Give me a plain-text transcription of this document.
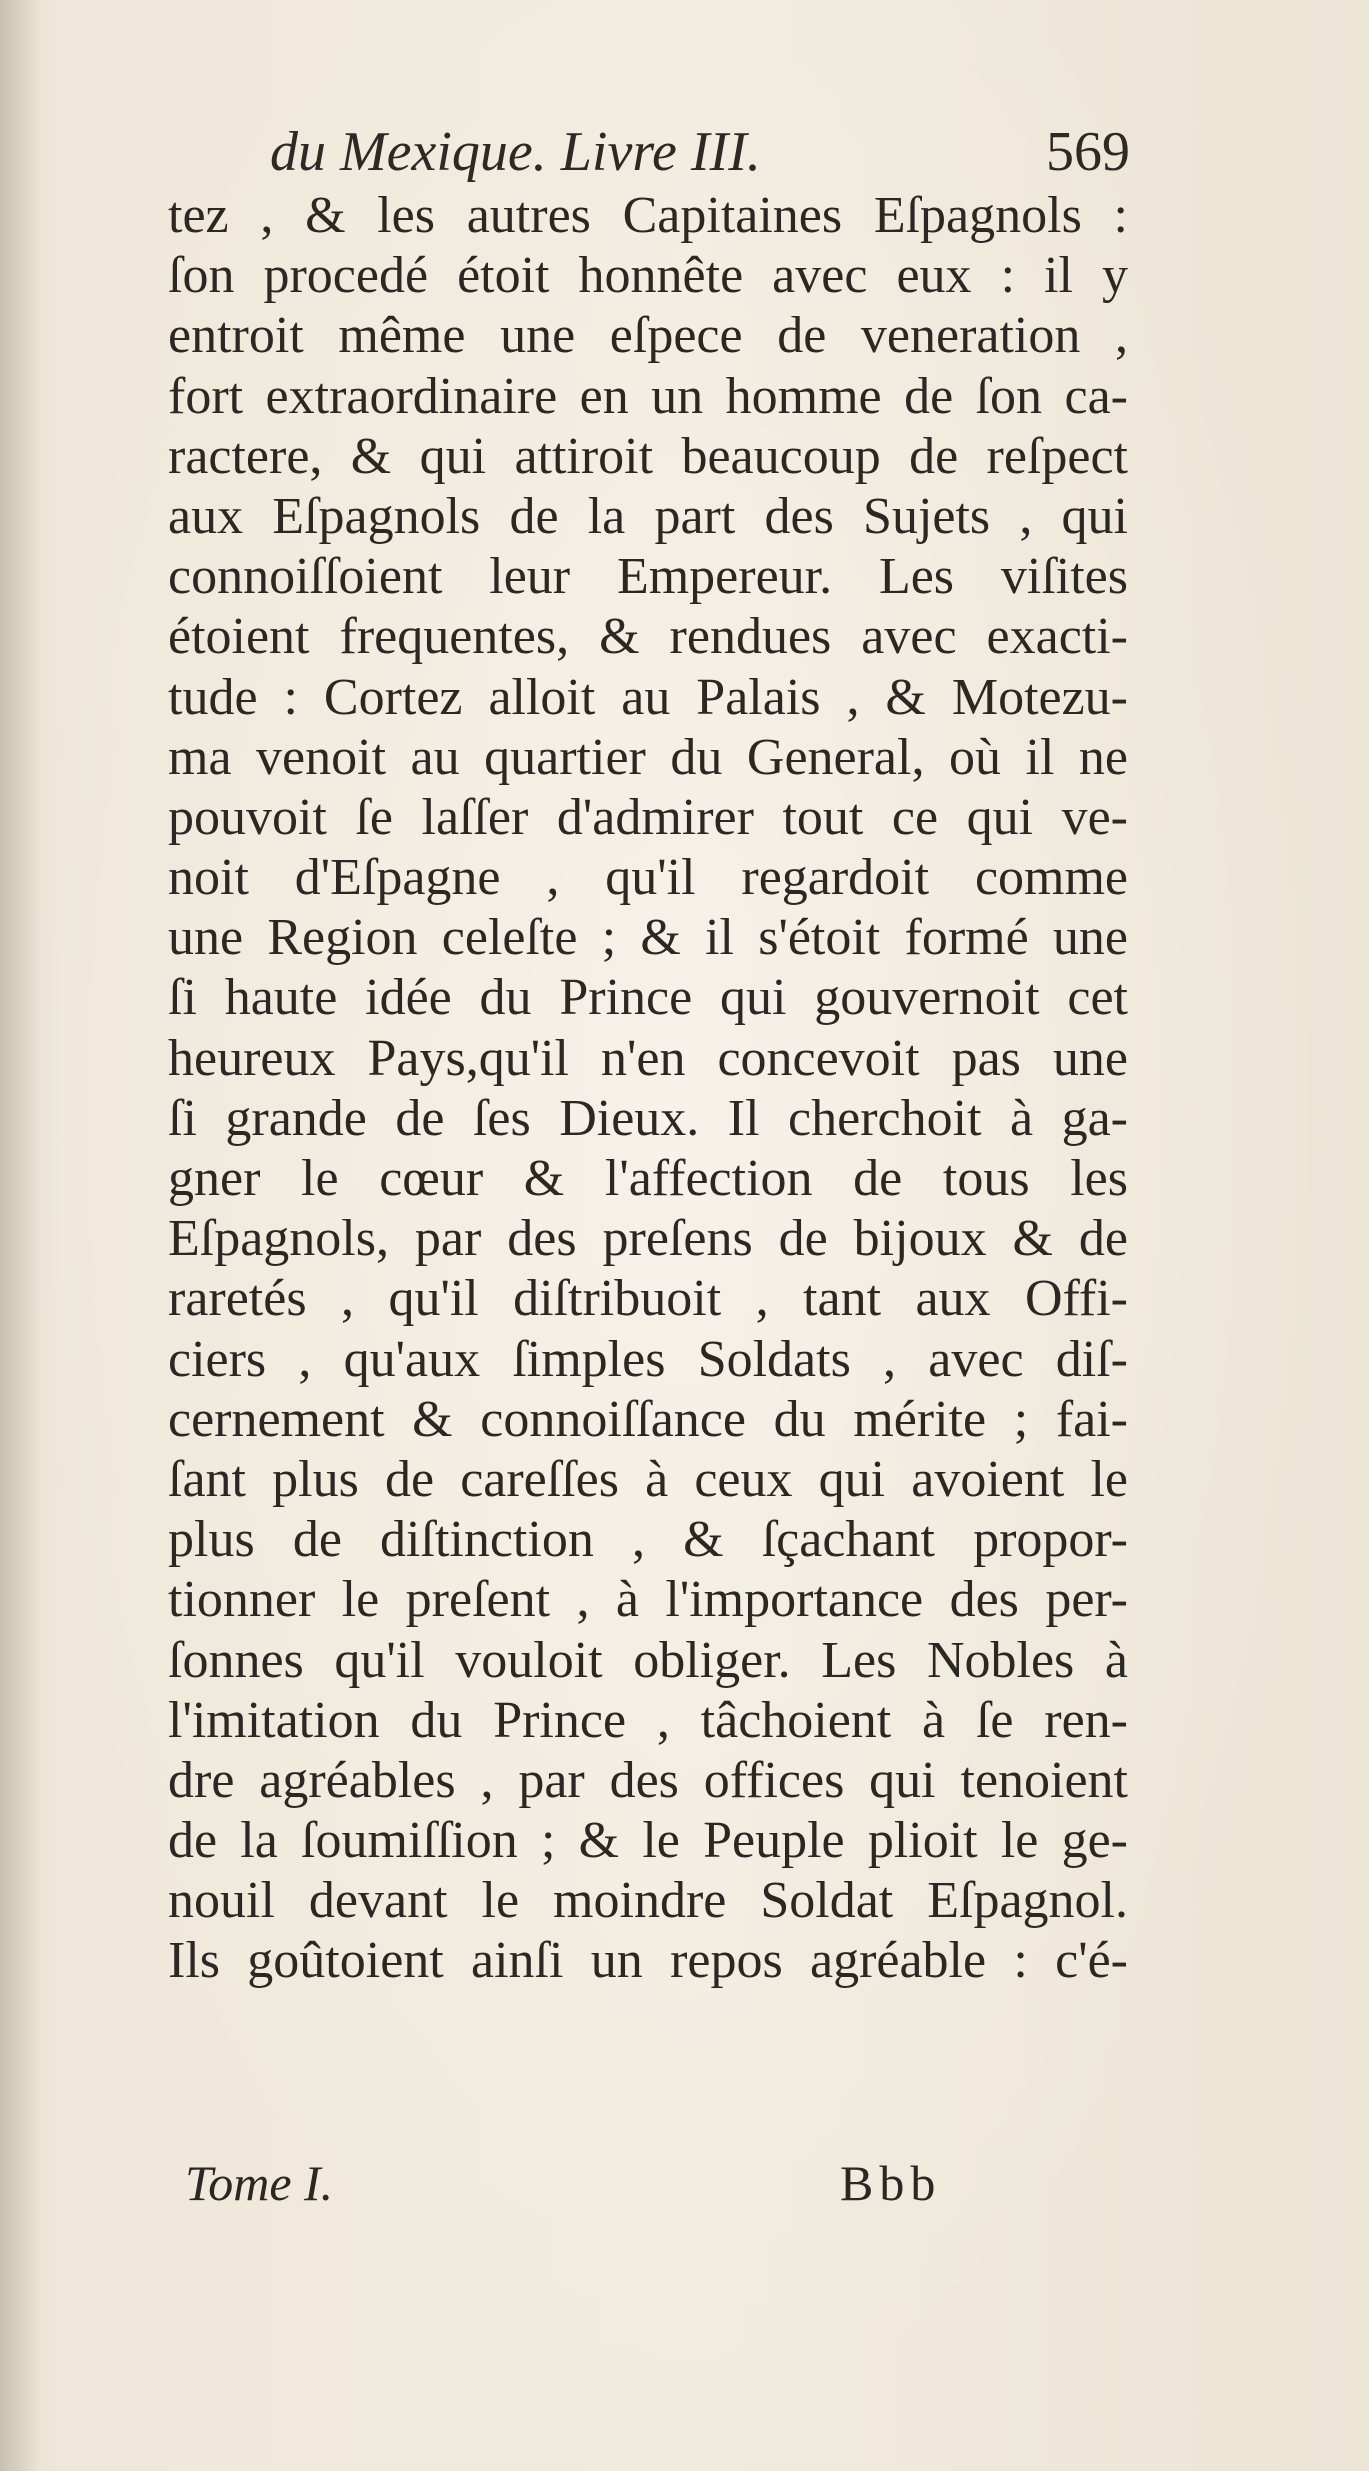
du Mexique. Livre III.	569
tez , & les autres Capitaines Eſpagnols :
ſon procedé étoit honnête avec eux : il y
entroit même une eſpece de veneration ,
fort extraordinaire en un homme de ſon ca-
ractere, & qui attiroit beaucoup de reſpect
aux Eſpagnols de la part des Sujets , qui
connoiſſoient leur Empereur. Les viſites
étoient frequentes, & rendues avec exacti-
tude : Cortez alloit au Palais , & Motezu-
ma venoit au quartier du General, où il ne
pouvoit ſe laſſer d'admirer tout ce qui ve-
noit d'Eſpagne , qu'il regardoit comme
une Region celeſte ; & il s'étoit formé une
ſi haute idée du Prince qui gouvernoit cet
heureux Pays,qu'il n'en concevoit pas une
ſi grande de ſes Dieux. Il cherchoit à ga-
gner le cœur & l'affection de tous les
Eſpagnols, par des preſens de bijoux & de
raretés , qu'il diſtribuoit , tant aux Offi-
ciers , qu'aux ſimples Soldats , avec diſ-
cernement & connoiſſance du mérite ; fai-
ſant plus de careſſes à ceux qui avoient le
plus de diſtinction , & ſçachant propor-
tionner le preſent , à l'importance des per-
ſonnes qu'il vouloit obliger. Les Nobles à
l'imitation du Prince , tâchoient à ſe ren-
dre agréables , par des offices qui tenoient
de la ſoumiſſion ; & le Peuple plioit le ge-
nouil devant le moindre Soldat Eſpagnol.
Ils goûtoient ainſi un repos agréable : c'é-
Tome I.	Bbb
